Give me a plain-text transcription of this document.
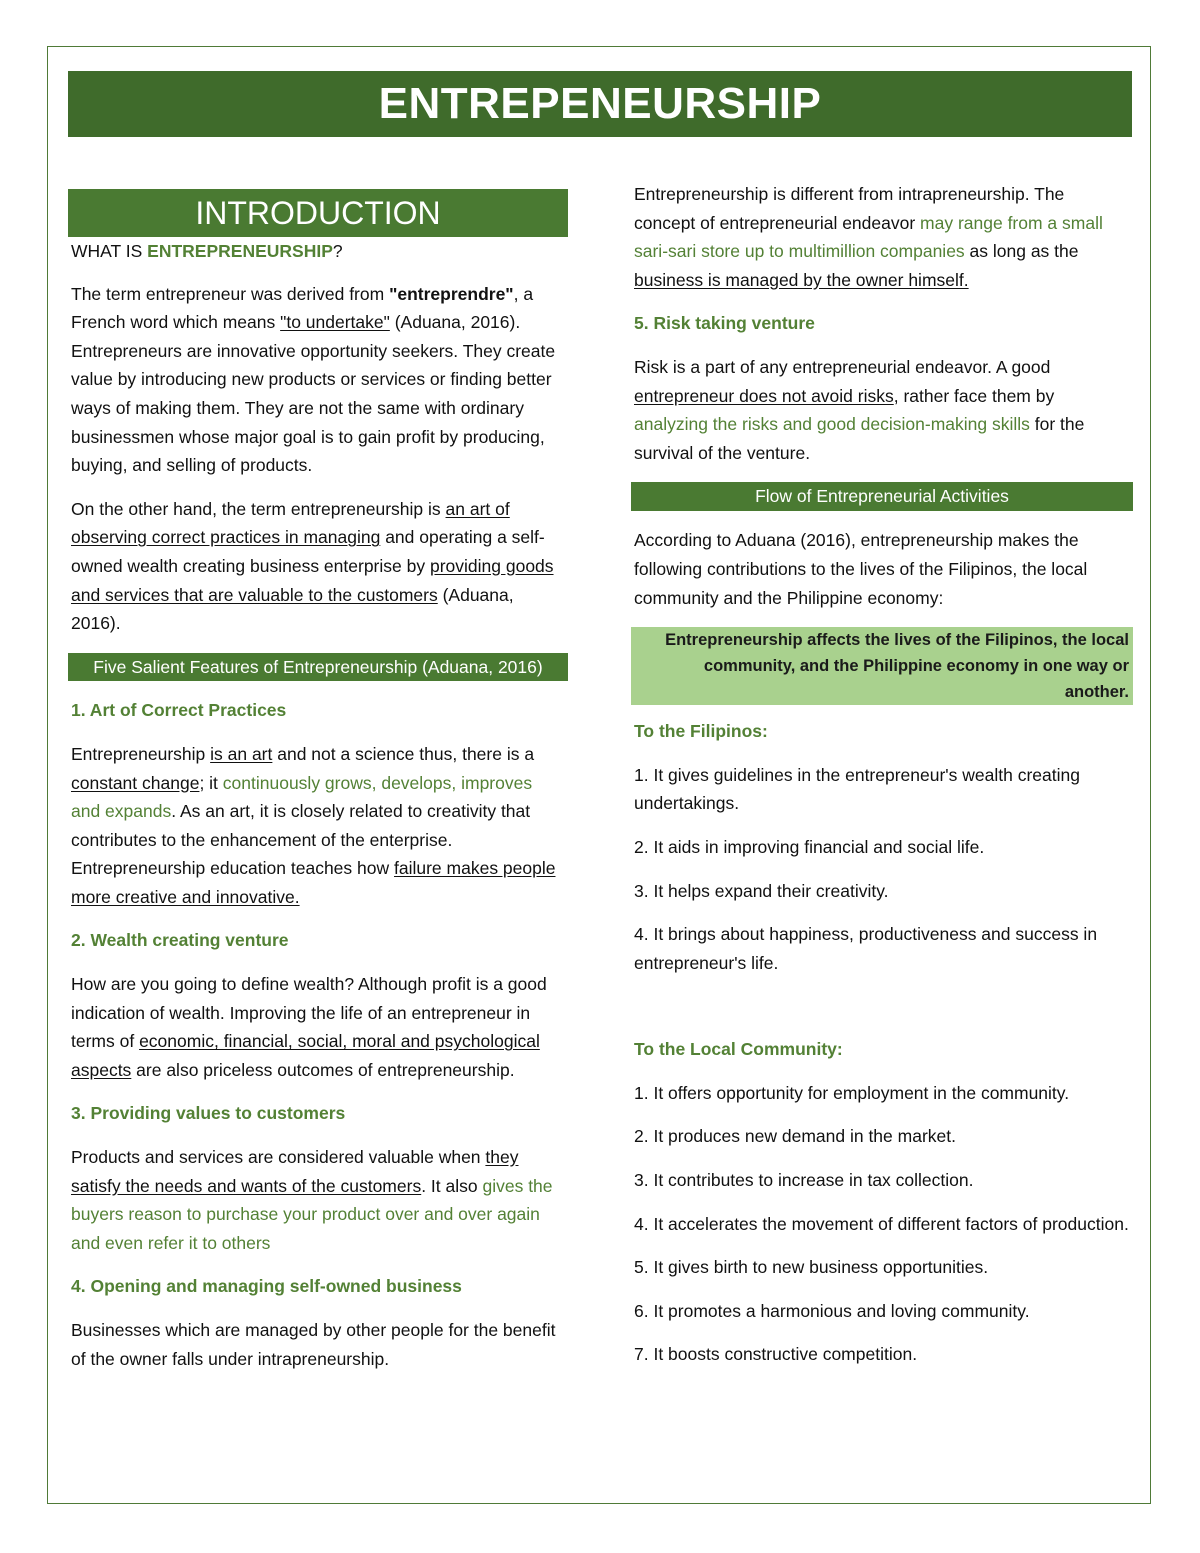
ENTREPENEURSHIP
INTRODUCTION

WHAT IS ENTREPRENEURSHIP?

The term entrepreneur was derived from "entreprendre", a French word which means "to undertake" (Aduana, 2016). Entrepreneurs are innovative opportunity seekers. They create value by introducing new products or services or finding better ways of making them. They are not the same with ordinary businessmen whose major goal is to gain profit by producing, buying, and selling of products.

On the other hand, the term entrepreneurship is an art of observing correct practices in managing and operating a self-owned wealth creating business enterprise by providing goods and services that are valuable to the customers (Aduana, 2016).

Five Salient Features of Entrepreneurship (Aduana, 2016)

1. Art of Correct Practices

Entrepreneurship is an art and not a science thus, there is a constant change; it continuously grows, develops, improves and expands. As an art, it is closely related to creativity that contributes to the enhancement of the enterprise. Entrepreneurship education teaches how failure makes people more creative and innovative.

2. Wealth creating venture

How are you going to define wealth? Although profit is a good indication of wealth. Improving the life of an entrepreneur in terms of economic, financial, social, moral and psychological aspects are also priceless outcomes of entrepreneurship.

3. Providing values to customers

Products and services are considered valuable when they satisfy the needs and wants of the customers. It also gives the buyers reason to purchase your product over and over again and even refer it to others

4. Opening and managing self-owned business

Businesses which are managed by other people for the benefit of the owner falls under intrapreneurship.

Entrepreneurship is different from intrapreneurship. The concept of entrepreneurial endeavor may range from a small sari-sari store up to multimillion companies as long as the business is managed by the owner himself.

5. Risk taking venture

Risk is a part of any entrepreneurial endeavor. A good entrepreneur does not avoid risks, rather face them by analyzing the risks and good decision-making skills for the survival of the venture.

Flow of Entrepreneurial Activities

According to Aduana (2016), entrepreneurship makes the following contributions to the lives of the Filipinos, the local community and the Philippine economy:

Entrepreneurship affects the lives of the Filipinos, the local community, and the Philippine economy in one way or another.

To the Filipinos:

1. It gives guidelines in the entrepreneur's wealth creating undertakings.

2. It aids in improving financial and social life.

3. It helps expand their creativity.

4. It brings about happiness, productiveness and success in entrepreneur's life.

To the Local Community:

1. It offers opportunity for employment in the community.

2. It produces new demand in the market.

3. It contributes to increase in tax collection.

4. It accelerates the movement of different factors of production.

5. It gives birth to new business opportunities.

6. It promotes a harmonious and loving community.

7. It boosts constructive competition.
